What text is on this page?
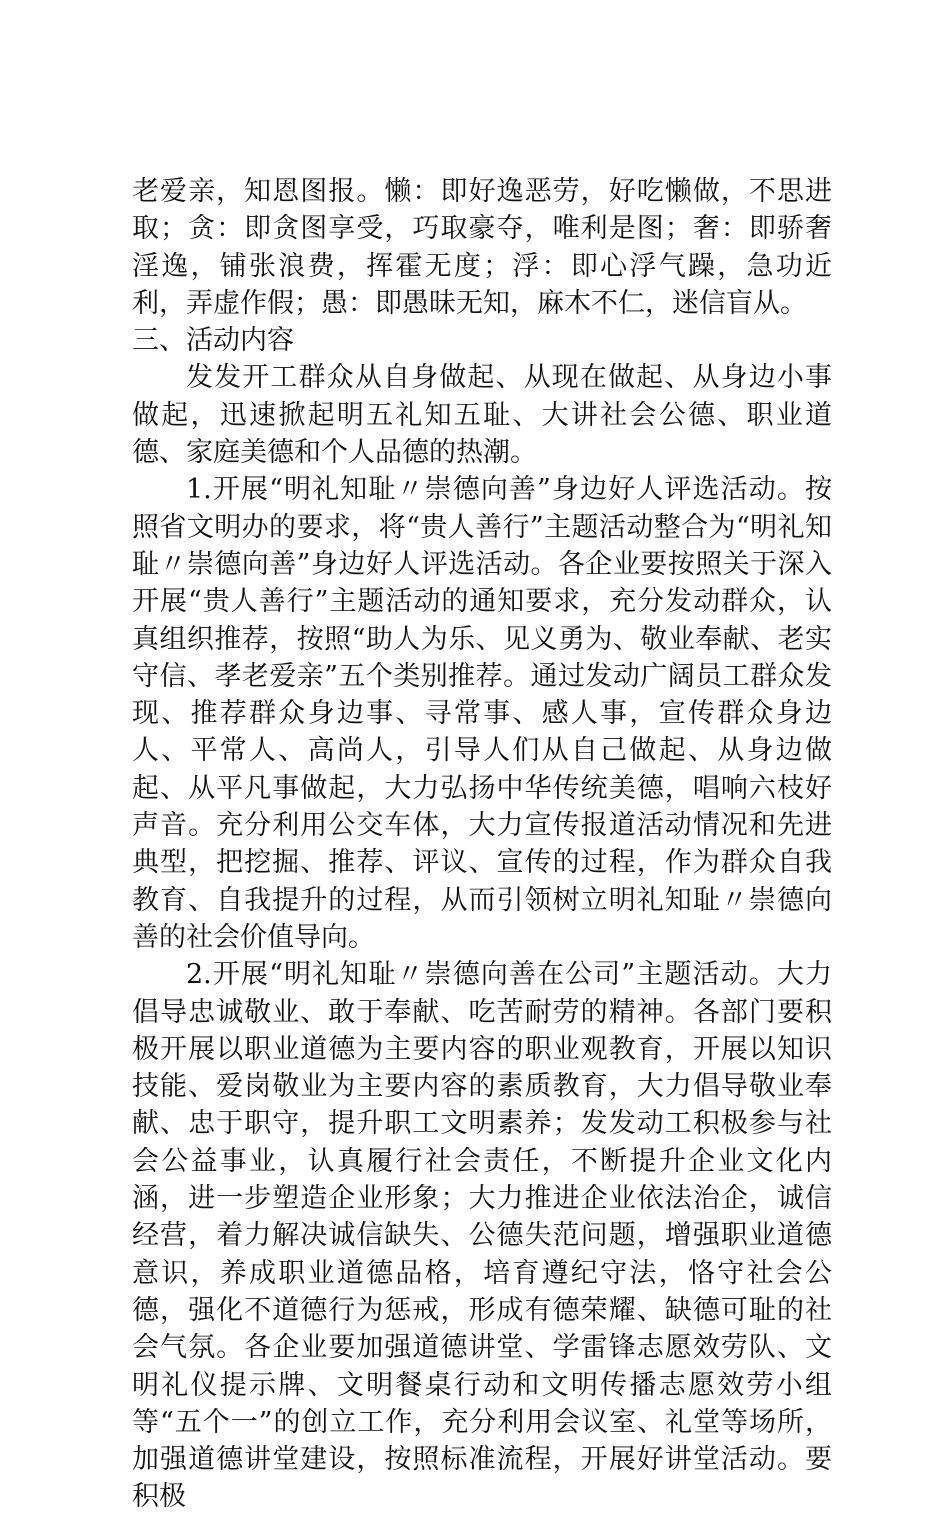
老爱亲，知恩图报。懒：即好逸恶劳，好吃懒做，不思进取；贪：即贪图享受，巧取豪夺，唯利是图；奢：即骄奢淫逸，铺张浪费，挥霍无度；浮：即心浮气躁，急功近利，弄虚作假；愚：即愚昧无知，麻木不仁，迷信盲从。

三、活动内容

发发开工群众从自身做起、从现在做起、从身边小事做起，迅速掀起明五礼知五耻、大讲社会公德、职业道德、家庭美德和个人品德的热潮。

1.开展“明礼知耻〃崇德向善”身边好人评选活动。按照省文明办的要求，将“贵人善行”主题活动整合为“明礼知耻〃崇德向善”身边好人评选活动。各企业要按照关于深入开展“贵人善行”主题活动的通知要求，充分发动群众，认真组织推荐，按照“助人为乐、见义勇为、敬业奉献、老实守信、孝老爱亲”五个类别推荐。通过发动广阔员工群众发现、推荐群众身边事、寻常事、感人事，宣传群众身边人、平常人、高尚人，引导人们从自己做起、从身边做起、从平凡事做起，大力弘扬中华传统美德，唱响六枝好声音。充分利用公交车体，大力宣传报道活动情况和先进典型，把挖掘、推荐、评议、宣传的过程，作为群众自我教育、自我提升的过程，从而引领树立明礼知耻〃崇德向善的社会价值导向。

2.开展“明礼知耻〃崇德向善在公司”主题活动。大力倡导忠诚敬业、敢于奉献、吃苦耐劳的精神。各部门要积极开展以职业道德为主要内容的职业观教育，开展以知识技能、爱岗敬业为主要内容的素质教育，大力倡导敬业奉献、忠于职守，提升职工文明素养；发发动工积极参与社会公益事业，认真履行社会责任，不断提升企业文化内涵，进一步塑造企业形象；大力推进企业依法治企，诚信经营，着力解决诚信缺失、公德失范问题，增强职业道德意识，养成职业道德品格，培育遵纪守法，恪守社会公德，强化不道德行为惩戒，形成有德荣耀、缺德可耻的社会气氛。各企业要加强道德讲堂、学雷锋志愿效劳队、文明礼仪提示牌、文明餐桌行动和文明传播志愿效劳小组等“五个一”的创立工作，充分利用会议室、礼堂等场所，加强道德讲堂建设，按照标准流程，开展好讲堂活动。要积极
